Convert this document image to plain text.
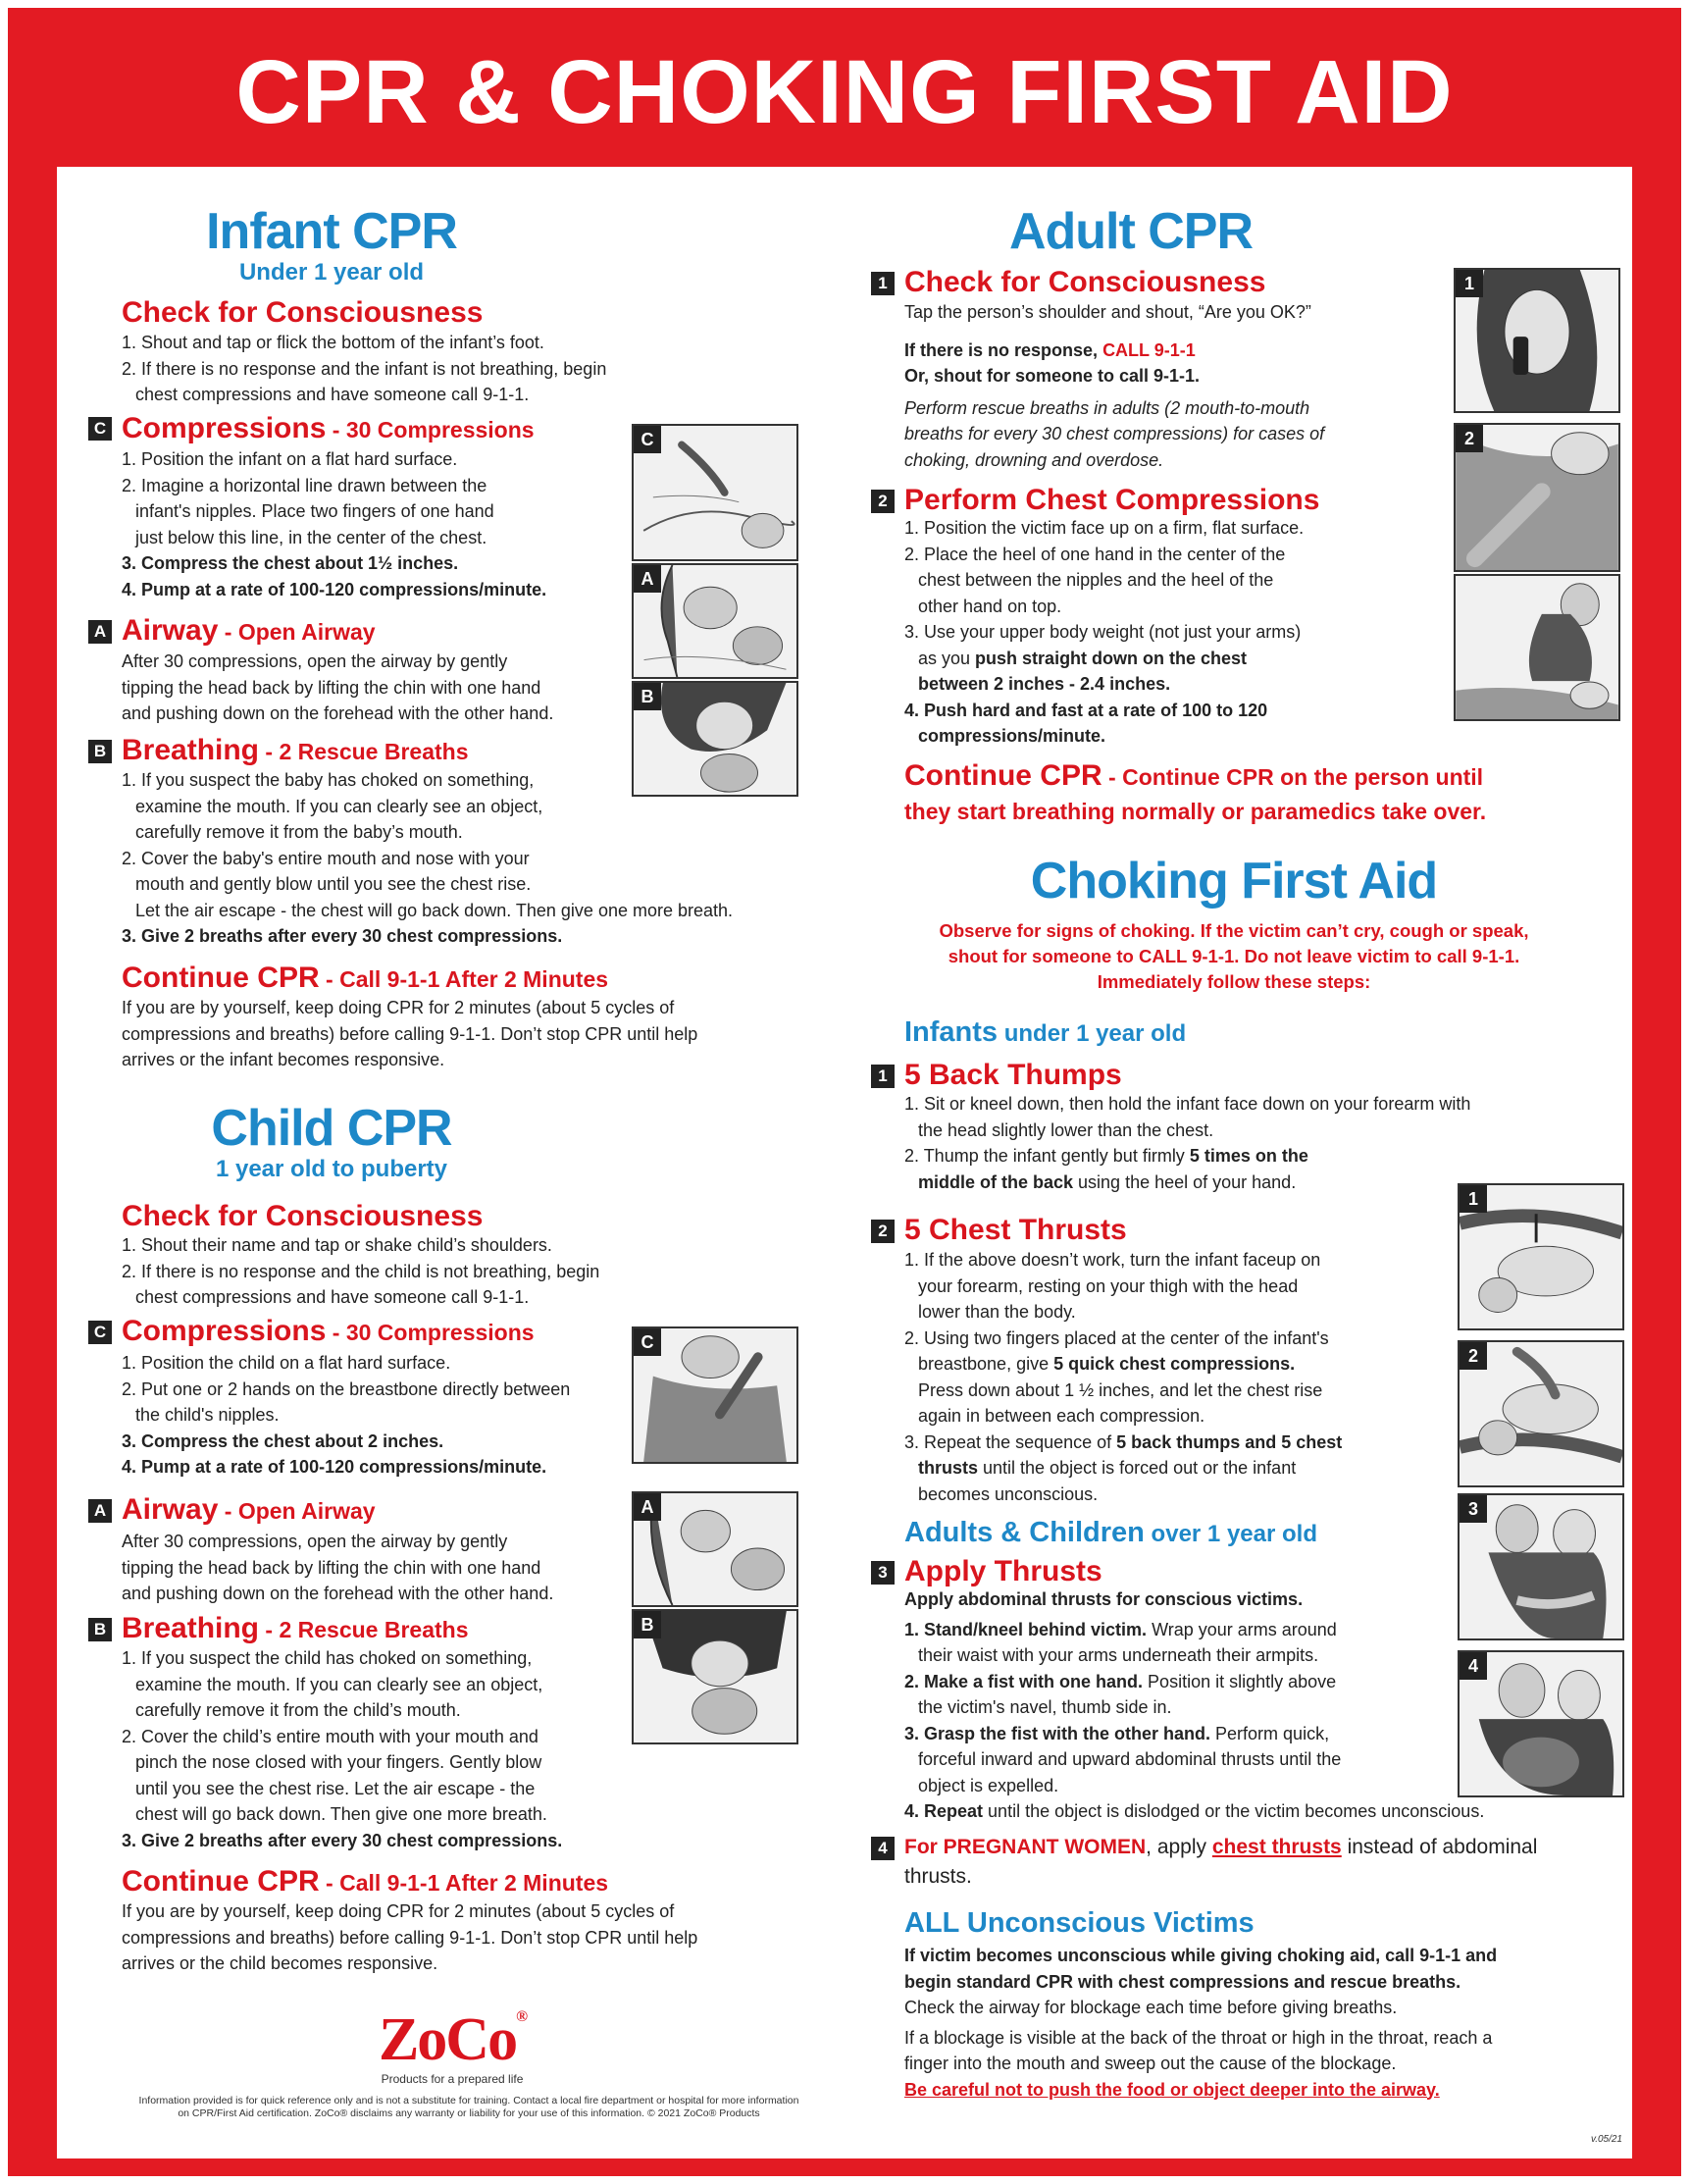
CPR & CHOKING FIRST AID
Infant CPR
Under 1 year old
Check for Consciousness
1. Shout and tap or flick the bottom of the infant’s foot.
2. If there is no response and the infant is not breathing, begin
chest compressions and have someone call 9-1-1.
C Compressions - 30 Compressions
1. Position the infant on a flat hard surface.
2. Imagine a horizontal line drawn between the
infant's nipples. Place two fingers of one hand
just below this line, in the center of the chest.
3. Compress the chest about 1½ inches.
4. Pump at a rate of 100-120 compressions/minute.
A Airway - Open Airway
After 30 compressions, open the airway by gently
tipping the head back by lifting the chin with one hand
and pushing down on the forehead with the other hand.
B Breathing - 2 Rescue Breaths
1. If you suspect the baby has choked on something,
examine the mouth. If you can clearly see an object,
carefully remove it from the baby’s mouth.
2. Cover the baby's entire mouth and nose with your
mouth and gently blow until you see the chest rise.
Let the air escape - the chest will go back down. Then give one more breath.
3. Give 2 breaths after every 30 chest compressions.
Continue CPR - Call 9-1-1 After 2 Minutes
If you are by yourself, keep doing CPR for 2 minutes (about 5 cycles of
compressions and breaths) before calling 9-1-1. Don’t stop CPR until help
arrives or the infant becomes responsive.
C
A
B
Child CPR
1 year old to puberty
Check for Consciousness
1. Shout their name and tap or shake child’s shoulders.
2. If there is no response and the child is not breathing, begin
chest compressions and have someone call 9-1-1.
C Compressions - 30 Compressions
1. Position the child on a flat hard surface.
2. Put one or 2 hands on the breastbone directly between
the child's nipples.
3. Compress the chest about 2 inches.
4. Pump at a rate of 100-120 compressions/minute.
A Airway - Open Airway
After 30 compressions, open the airway by gently
tipping the head back by lifting the chin with one hand
and pushing down on the forehead with the other hand.
B Breathing - 2 Rescue Breaths
1. If you suspect the child has choked on something,
examine the mouth. If you can clearly see an object,
carefully remove it from the child’s mouth.
2. Cover the child’s entire mouth with your mouth and
pinch the nose closed with your fingers. Gently blow
until you see the chest rise. Let the air escape - the
chest will go back down. Then give one more breath.
3. Give 2 breaths after every 30 chest compressions.
Continue CPR - Call 9-1-1 After 2 Minutes
If you are by yourself, keep doing CPR for 2 minutes (about 5 cycles of
compressions and breaths) before calling 9-1-1. Don’t stop CPR until help
arrives or the child becomes responsive.
C
A
B
ZoCo®
Products for a prepared life
Information provided is for quick reference only and is not a substitute for training. Contact a local fire department or hospital for more information
on CPR/First Aid certification. ZoCo® disclaims any warranty or liability for your use of this information. © 2021 ZoCo® Products
Adult CPR
1 Check for Consciousness
Tap the person’s shoulder and shout, “Are you OK?”
If there is no response, CALL 9-1-1
Or, shout for someone to call 9-1-1.
Perform rescue breaths in adults (2 mouth-to-mouth
breaths for every 30 chest compressions) for cases of
choking, drowning and overdose.
2 Perform Chest Compressions
1. Position the victim face up on a firm, flat surface.
2. Place the heel of one hand in the center of the
chest between the nipples and the heel of the
other hand on top.
3. Use your upper body weight (not just your arms)
as you push straight down on the chest
between 2 inches - 2.4 inches.
4. Push hard and fast at a rate of 100 to 120
compressions/minute.
Continue CPR - Continue CPR on the person until
they start breathing normally or paramedics take over.
1
2
Choking First Aid
Observe for signs of choking. If the victim can’t cry, cough or speak,
shout for someone to CALL 9-1-1. Do not leave victim to call 9-1-1.
Immediately follow these steps:
Infants under 1 year old
1 5 Back Thumps
1. Sit or kneel down, then hold the infant face down on your forearm with
the head slightly lower than the chest.
2. Thump the infant gently but firmly 5 times on the
middle of the back using the heel of your hand.
2 5 Chest Thrusts
1. If the above doesn’t work, turn the infant faceup on
your forearm, resting on your thigh with the head
lower than the body.
2. Using two fingers placed at the center of the infant's
breastbone, give 5 quick chest compressions.
Press down about 1 ½ inches, and let the chest rise
again in between each compression.
3. Repeat the sequence of 5 back thumps and 5 chest
thrusts until the object is forced out or the infant
becomes unconscious.
Adults & Children over 1 year old
3 Apply Thrusts
Apply abdominal thrusts for conscious victims.
1. Stand/kneel behind victim. Wrap your arms around
their waist with your arms underneath their armpits.
2. Make a fist with one hand. Position it slightly above
the victim's navel, thumb side in.
3. Grasp the fist with the other hand. Perform quick,
forceful inward and upward abdominal thrusts until the
object is expelled.
4. Repeat until the object is dislodged or the victim becomes unconscious.
4 For PREGNANT WOMEN, apply chest thrusts instead of abdominal
thrusts.
ALL Unconscious Victims
If victim becomes unconscious while giving choking aid, call 9-1-1 and
begin standard CPR with chest compressions and rescue breaths.
Check the airway for blockage each time before giving breaths.
If a blockage is visible at the back of the throat or high in the throat, reach a
finger into the mouth and sweep out the cause of the blockage.
Be careful not to push the food or object deeper into the airway.
1
2
3
4
v.05/21
